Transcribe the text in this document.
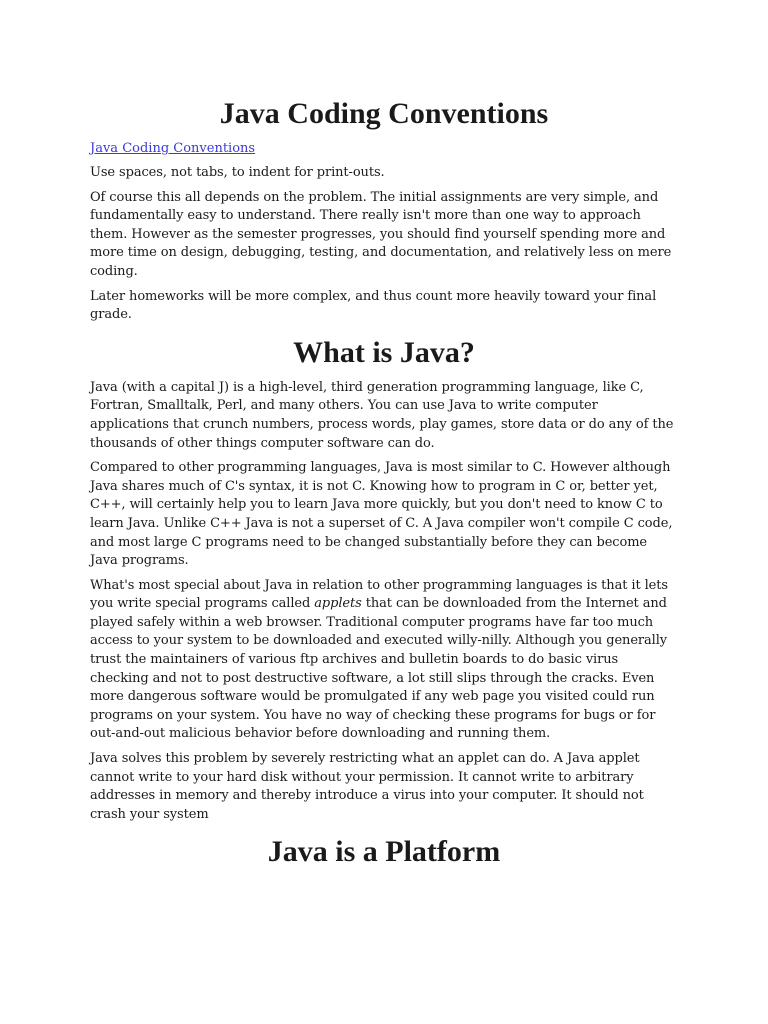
Java Coding Conventions
Java Coding Conventions

Use spaces, not tabs, to indent for print-outs.

Of course this all depends on the problem. The initial assignments are very simple, and fundamentally easy to understand. There really isn't more than one way to approach them. However as the semester progresses, you should find yourself spending more and more time on design, debugging, testing, and documentation, and relatively less on mere coding.

Later homeworks will be more complex, and thus count more heavily toward your final grade.

What is Java?

Java (with a capital J) is a high-level, third generation programming language, like C, Fortran, Smalltalk, Perl, and many others. You can use Java to write computer applications that crunch numbers, process words, play games, store data or do any of the thousands of other things computer software can do.

Compared to other programming languages, Java is most similar to C. However although Java shares much of C's syntax, it is not C. Knowing how to program in C or, better yet, C++, will certainly help you to learn Java more quickly, but you don't need to know C to learn Java. Unlike C++ Java is not a superset of C. A Java compiler won't compile C code, and most large C programs need to be changed substantially before they can become Java programs.

What's most special about Java in relation to other programming languages is that it lets you write special programs called applets that can be downloaded from the Internet and played safely within a web browser. Traditional computer programs have far too much access to your system to be downloaded and executed willy-nilly. Although you generally trust the maintainers of various ftp archives and bulletin boards to do basic virus checking and not to post destructive software, a lot still slips through the cracks. Even more dangerous software would be promulgated if any web page you visited could run programs on your system. You have no way of checking these programs for bugs or for out-and-out malicious behavior before downloading and running them.

Java solves this problem by severely restricting what an applet can do. A Java applet cannot write to your hard disk without your permission. It cannot write to arbitrary addresses in memory and thereby introduce a virus into your computer. It should not crash your system

Java is a Platform
